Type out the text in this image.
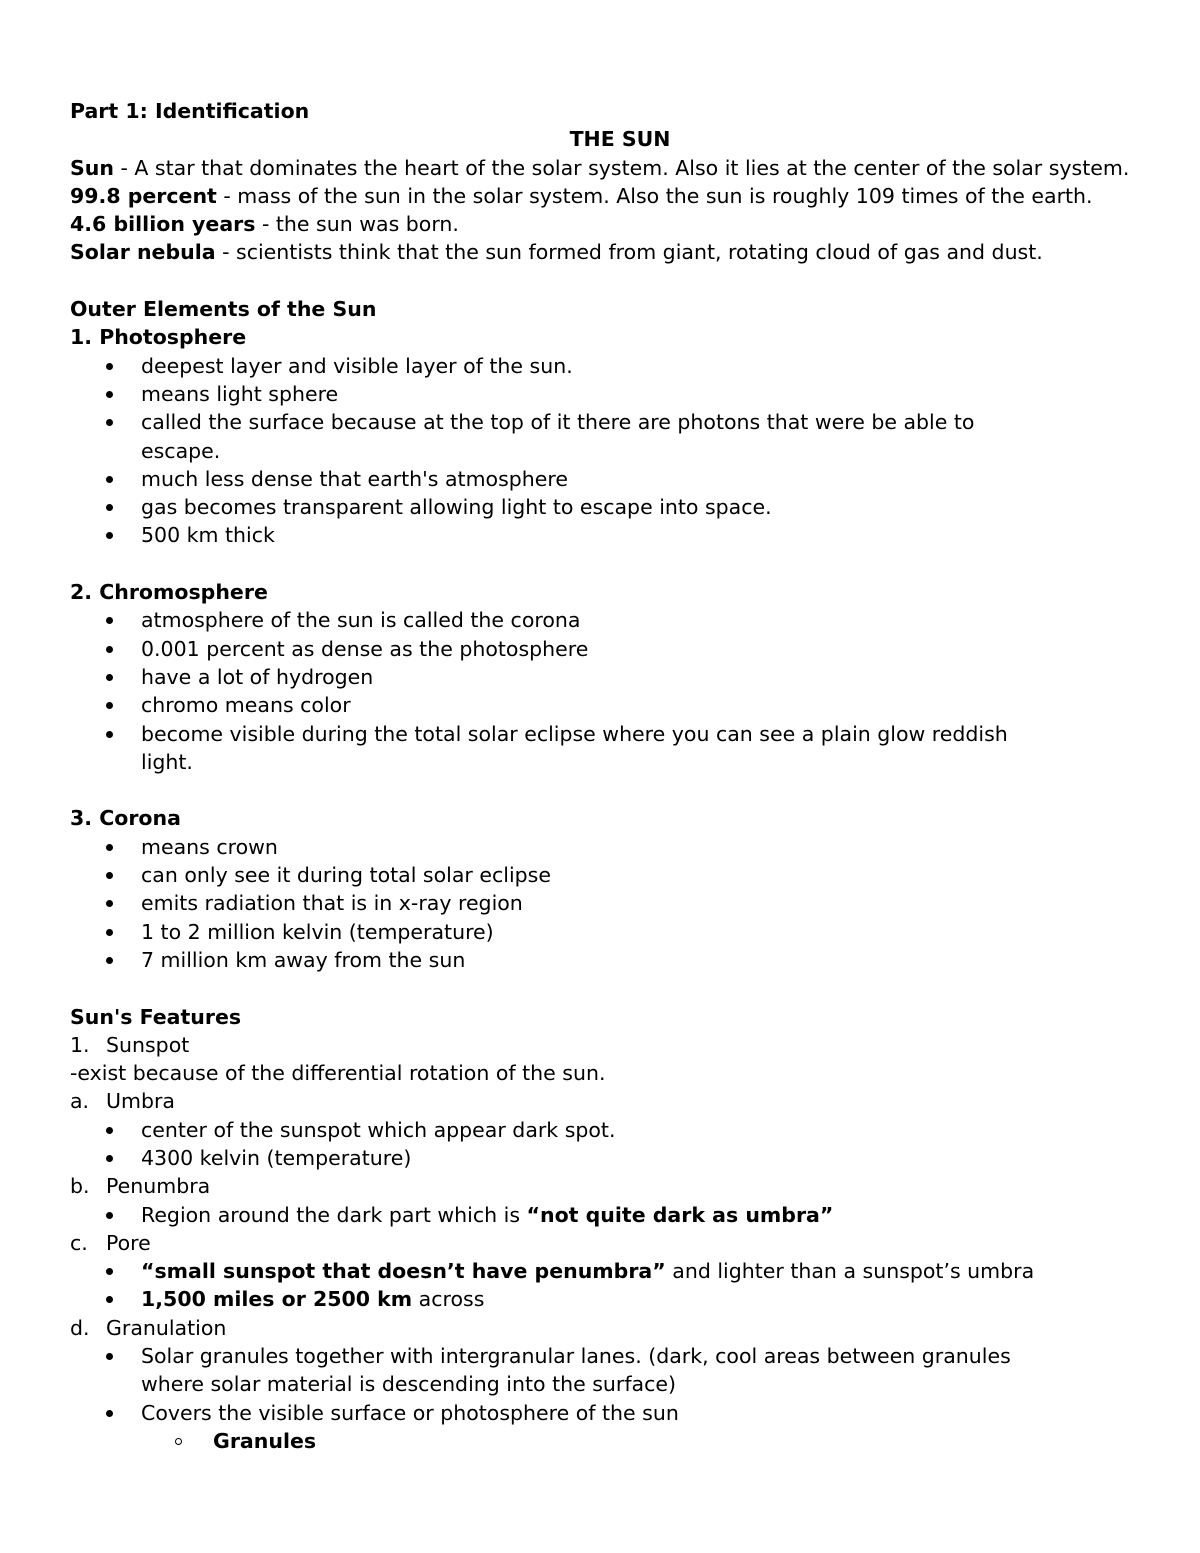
Part 1: Identification
THE SUN
Sun - A star that dominates the heart of the solar system. Also it lies at the center of the solar system.
99.8 percent - mass of the sun in the solar system. Also the sun is roughly 109 times of the earth.
4.6 billion years - the sun was born.
Solar nebula - scientists think that the sun formed from giant, rotating cloud of gas and dust.
Outer Elements of the Sun
1. Photosphere
deepest layer and visible layer of the sun.
means light sphere
called the surface because at the top of it there are photons that were be able to
escape.
much less dense that earth's atmosphere
gas becomes transparent allowing light to escape into space.
500 km thick
2. Chromosphere
atmosphere of the sun is called the corona
0.001 percent as dense as the photosphere
have a lot of hydrogen
chromo means color
become visible during the total solar eclipse where you can see a plain glow reddish
light.
3. Corona
means crown
can only see it during total solar eclipse
emits radiation that is in x-ray region
1 to 2 million kelvin (temperature)
7 million km away from the sun
Sun's Features
1. Sunspot
-exist because of the differential rotation of the sun.
a. Umbra
center of the sunspot which appear dark spot.
4300 kelvin (temperature)
b. Penumbra
Region around the dark part which is “not quite dark as umbra”
c. Pore
“small sunspot that doesn’t have penumbra” and lighter than a sunspot’s umbra
1,500 miles or 2500 km across
d. Granulation
Solar granules together with intergranular lanes. (dark, cool areas between granules
where solar material is descending into the surface)
Covers the visible surface or photosphere of the sun
Granules
